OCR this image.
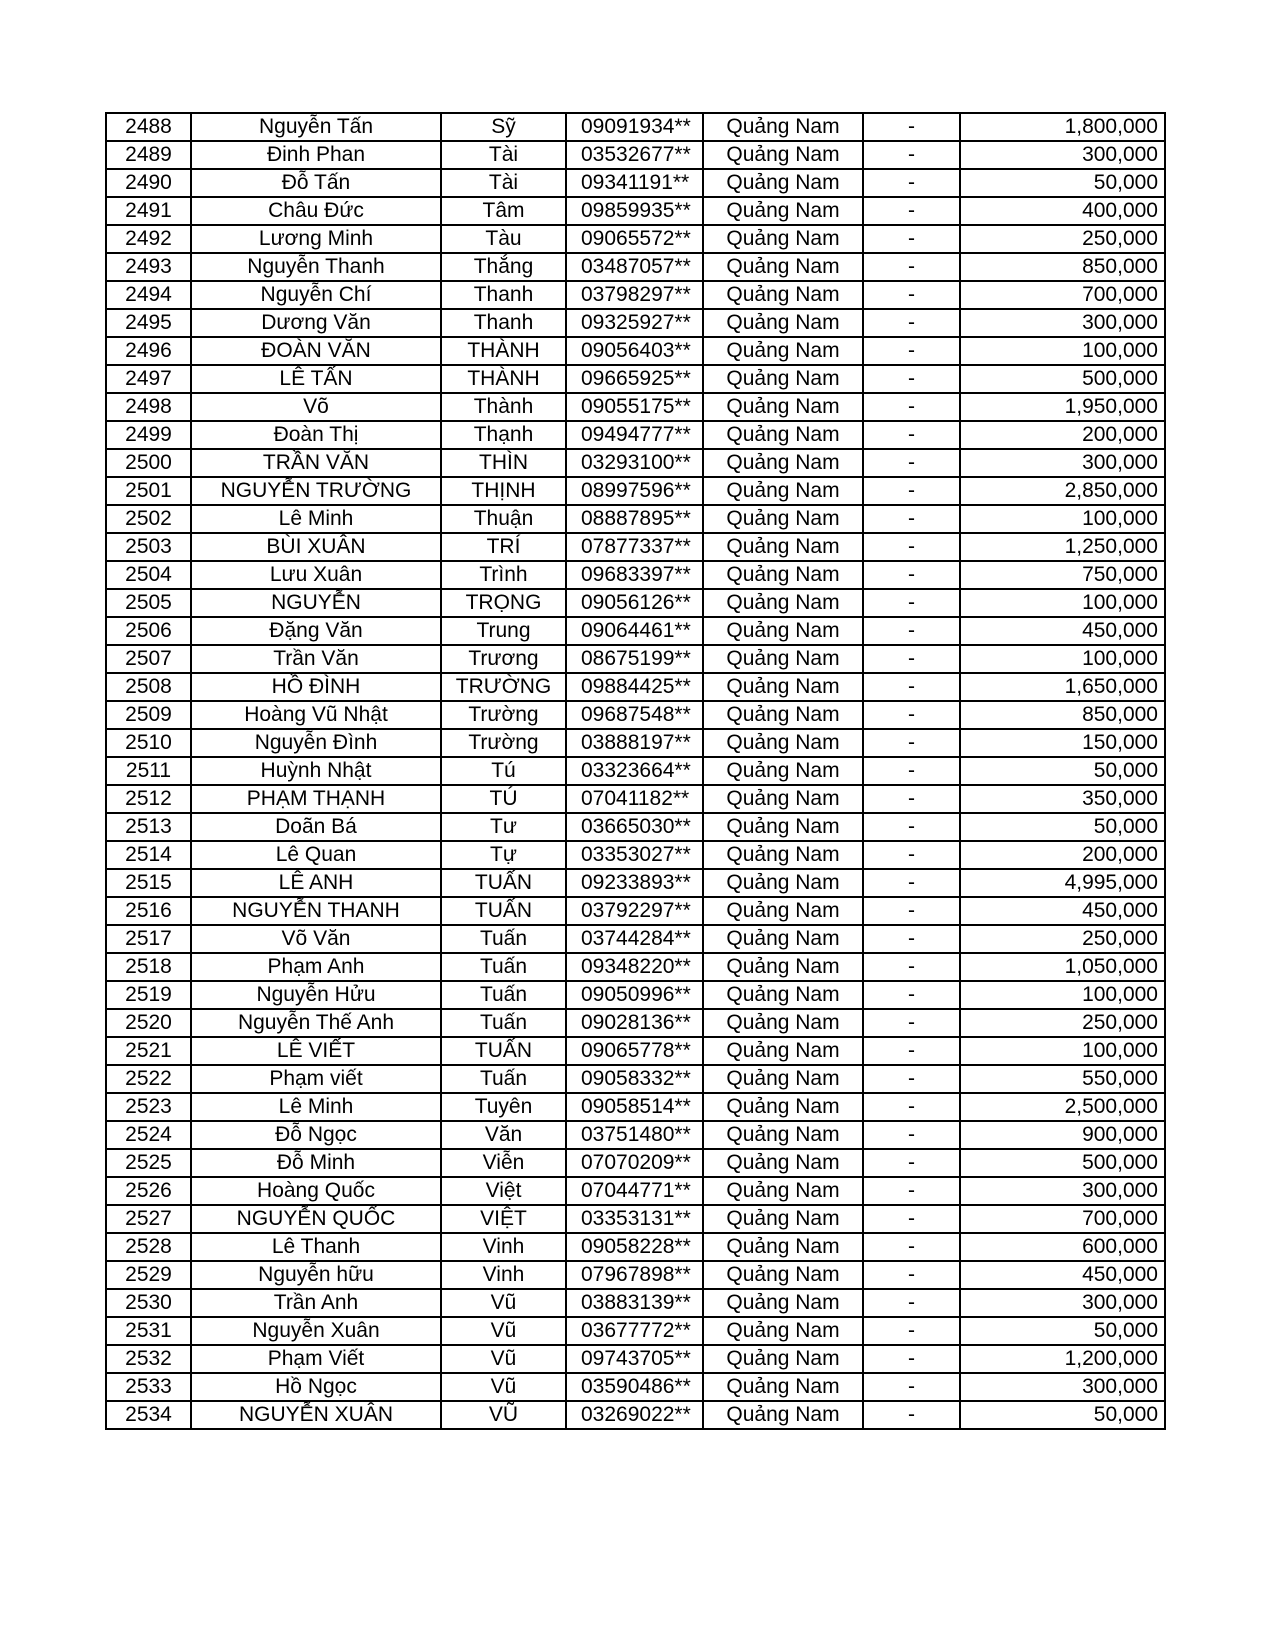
2488	Nguyễn Tấn	Sỹ	09091934**	Quảng Nam	-	1,800,000
2489	Đinh Phan	Tài	03532677**	Quảng Nam	-	300,000
2490	Đỗ Tấn	Tài	09341191**	Quảng Nam	-	50,000
2491	Châu Đức	Tâm	09859935**	Quảng Nam	-	400,000
2492	Lương Minh	Tàu	09065572**	Quảng Nam	-	250,000
2493	Nguyễn Thanh	Thắng	03487057**	Quảng Nam	-	850,000
2494	Nguyễn Chí	Thanh	03798297**	Quảng Nam	-	700,000
2495	Dương Văn	Thanh	09325927**	Quảng Nam	-	300,000
2496	ĐOÀN VĂN	THÀNH	09056403**	Quảng Nam	-	100,000
2497	LÊ TẤN	THÀNH	09665925**	Quảng Nam	-	500,000
2498	Võ	Thành	09055175**	Quảng Nam	-	1,950,000
2499	Đoàn Thị	Thạnh	09494777**	Quảng Nam	-	200,000
2500	TRẦN VĂN	THÌN	03293100**	Quảng Nam	-	300,000
2501	NGUYỄN TRƯỜNG	THỊNH	08997596**	Quảng Nam	-	2,850,000
2502	Lê Minh	Thuận	08887895**	Quảng Nam	-	100,000
2503	BÙI XUÂN	TRÍ	07877337**	Quảng Nam	-	1,250,000
2504	Lưu Xuân	Trình	09683397**	Quảng Nam	-	750,000
2505	NGUYỄN	TRỌNG	09056126**	Quảng Nam	-	100,000
2506	Đặng Văn	Trung	09064461**	Quảng Nam	-	450,000
2507	Trần Văn	Trương	08675199**	Quảng Nam	-	100,000
2508	HỒ ĐÌNH	TRƯỜNG	09884425**	Quảng Nam	-	1,650,000
2509	Hoàng Vũ Nhật	Trường	09687548**	Quảng Nam	-	850,000
2510	Nguyễn Đình	Trường	03888197**	Quảng Nam	-	150,000
2511	Huỳnh Nhật	Tú	03323664**	Quảng Nam	-	50,000
2512	PHẠM THẠNH	TÚ	07041182**	Quảng Nam	-	350,000
2513	Doãn Bá	Tư	03665030**	Quảng Nam	-	50,000
2514	Lê Quan	Tự	03353027**	Quảng Nam	-	200,000
2515	LÊ ANH	TUẤN	09233893**	Quảng Nam	-	4,995,000
2516	NGUYỄN THANH	TUẤN	03792297**	Quảng Nam	-	450,000
2517	Võ Văn	Tuấn	03744284**	Quảng Nam	-	250,000
2518	Phạm Anh	Tuấn	09348220**	Quảng Nam	-	1,050,000
2519	Nguyễn Hửu	Tuấn	09050996**	Quảng Nam	-	100,000
2520	Nguyễn Thế Anh	Tuấn	09028136**	Quảng Nam	-	250,000
2521	LÊ VIẾT	TUẤN	09065778**	Quảng Nam	-	100,000
2522	Phạm viết	Tuấn	09058332**	Quảng Nam	-	550,000
2523	Lê Minh	Tuyên	09058514**	Quảng Nam	-	2,500,000
2524	Đỗ Ngọc	Văn	03751480**	Quảng Nam	-	900,000
2525	Đỗ Minh	Viễn	07070209**	Quảng Nam	-	500,000
2526	Hoàng Quốc	Việt	07044771**	Quảng Nam	-	300,000
2527	NGUYỄN QUỐC	VIỆT	03353131**	Quảng Nam	-	700,000
2528	Lê Thanh	Vinh	09058228**	Quảng Nam	-	600,000
2529	Nguyễn hữu	Vinh	07967898**	Quảng Nam	-	450,000
2530	Trần Anh	Vũ	03883139**	Quảng Nam	-	300,000
2531	Nguyễn Xuân	Vũ	03677772**	Quảng Nam	-	50,000
2532	Phạm Viết	Vũ	09743705**	Quảng Nam	-	1,200,000
2533	Hồ Ngọc	Vũ	03590486**	Quảng Nam	-	300,000
2534	NGUYỄN XUÂN	VŨ	03269022**	Quảng Nam	-	50,000
